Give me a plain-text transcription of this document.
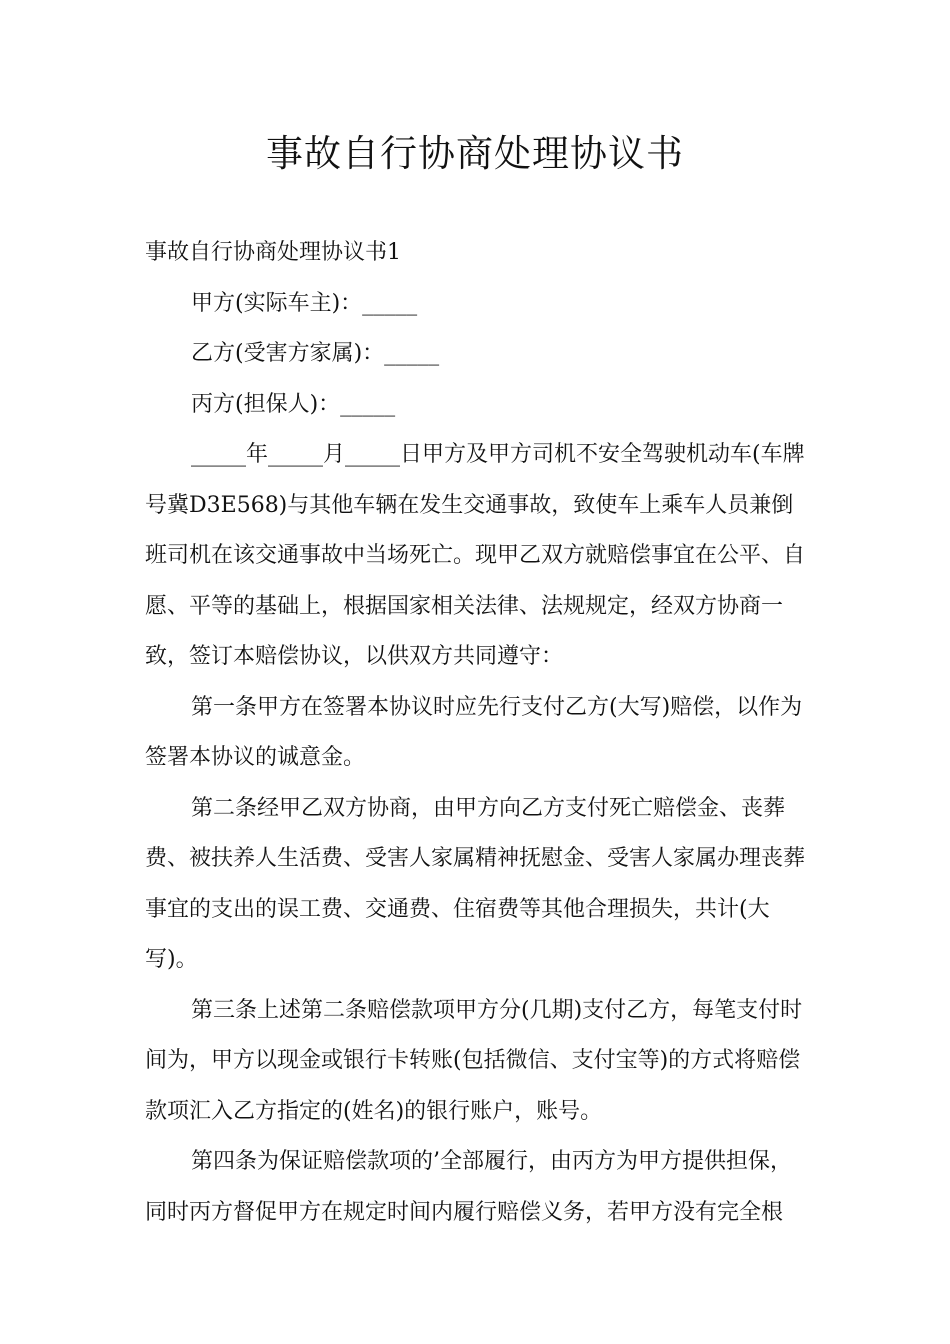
事故自行协商处理协议书

事故自行协商处理协议书1

甲方(实际车主)：_____

乙方(受害方家属)：_____

丙方(担保人)：_____

_____年_____月_____日甲方及甲方司机不安全驾驶机动车(车牌号冀D3E568)与其他车辆在发生交通事故，致使车上乘车人员兼倒班司机在该交通事故中当场死亡。现甲乙双方就赔偿事宜在公平、自愿、平等的基础上，根据国家相关法律、法规规定，经双方协商一致，签订本赔偿协议，以供双方共同遵守：

第一条甲方在签署本协议时应先行支付乙方(大写)赔偿，以作为签署本协议的诚意金。

第二条经甲乙双方协商，由甲方向乙方支付死亡赔偿金、丧葬费、被扶养人生活费、受害人家属精神抚慰金、受害人家属办理丧葬事宜的支出的误工费、交通费、住宿费等其他合理损失，共计(大写)。

第三条上述第二条赔偿款项甲方分(几期)支付乙方，每笔支付时间为，甲方以现金或银行卡转账(包括微信、支付宝等)的方式将赔偿款项汇入乙方指定的(姓名)的银行账户，账号。

第四条为保证赔偿款项的’全部履行，由丙方为甲方提供担保，同时丙方督促甲方在规定时间内履行赔偿义务，若甲方没有完全根
